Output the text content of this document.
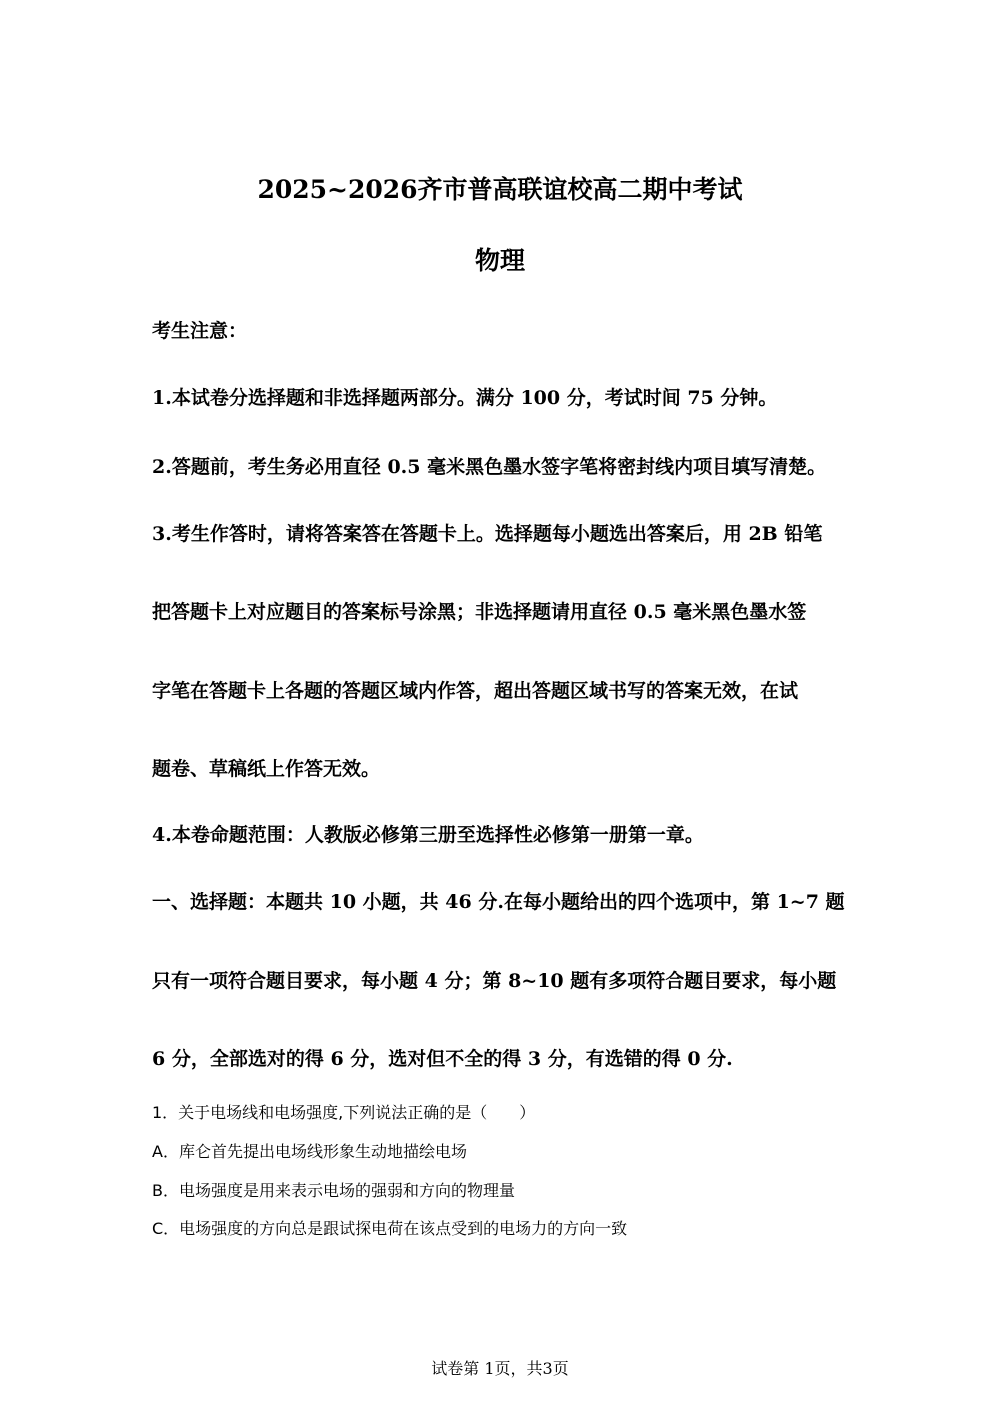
2025~2026齐市普高联谊校高二期中考试
物理
考生注意：
1.本试卷分选择题和非选择题两部分。满分 100 分，考试时间 75 分钟。
2.答题前，考生务必用直径 0.5 毫米黑色墨水签字笔将密封线内项目填写清楚。
3.考生作答时，请将答案答在答题卡上。选择题每小题选出答案后，用 2B 铅笔
把答题卡上对应题目的答案标号涂黑；非选择题请用直径 0.5 毫米黑色墨水签
字笔在答题卡上各题的答题区域内作答，超出答题区域书写的答案无效，在试
题卷、草稿纸上作答无效。
4.本卷命题范围：人教版必修第三册至选择性必修第一册第一章。
一、选择题：本题共 10 小题，共 46 分.在每小题给出的四个选项中，第 1~7 题
只有一项符合题目要求，每小题 4 分；第 8~10 题有多项符合题目要求，每小题
6 分，全部选对的得 6 分，选对但不全的得 3 分，有选错的得 0 分.
1．关于电场线和电场强度,下列说法正确的是（　　）
A．库仑首先提出电场线形象生动地描绘电场
B．电场强度是用来表示电场的强弱和方向的物理量
C．电场强度的方向总是跟试探电荷在该点受到的电场力的方向一致
试卷第 1页，共3页
